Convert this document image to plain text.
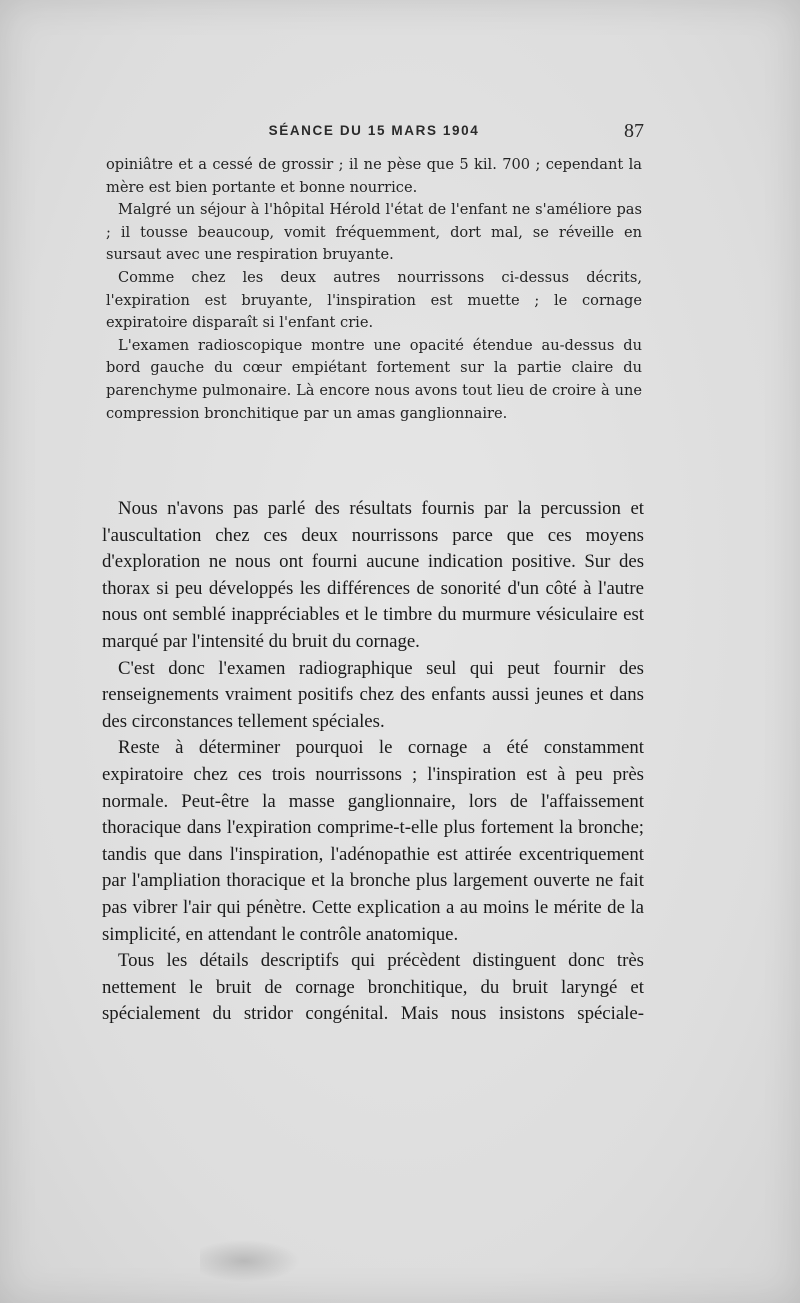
SÉANCE DU 15 MARS 1904	87

opiniâtre et a cessé de grossir ; il ne pèse que 5 kil. 700 ; cependant la mère est bien portante et bonne nourrice.

Malgré un séjour à l'hôpital Hérold l'état de l'enfant ne s'améliore pas ; il tousse beaucoup, vomit fréquemment, dort mal, se réveille en sursaut avec une respiration bruyante.

Comme chez les deux autres nourrissons ci-dessus décrits, l'expiration est bruyante, l'inspiration est muette ; le cornage expiratoire disparaît si l'enfant crie.

L'examen radioscopique montre une opacité étendue au-dessus du bord gauche du cœur empiétant fortement sur la partie claire du parenchyme pulmonaire. Là encore nous avons tout lieu de croire à une compression bronchitique par un amas ganglionnaire.

Nous n'avons pas parlé des résultats fournis par la percussion et l'auscultation chez ces deux nourrissons parce que ces moyens d'exploration ne nous ont fourni aucune indication positive. Sur des thorax si peu développés les différences de sonorité d'un côté à l'autre nous ont semblé inappréciables et le timbre du murmure vésiculaire est marqué par l'intensité du bruit du cornage.

C'est donc l'examen radiographique seul qui peut fournir des renseignements vraiment positifs chez des enfants aussi jeunes et dans des circonstances tellement spéciales.

Reste à déterminer pourquoi le cornage a été constamment expiratoire chez ces trois nourrissons ; l'inspiration est à peu près normale. Peut-être la masse ganglionnaire, lors de l'affaissement thoracique dans l'expiration comprime-t-elle plus fortement la bronche; tandis que dans l'inspiration, l'adénopathie est attirée excentriquement par l'ampliation thoracique et la bronche plus largement ouverte ne fait pas vibrer l'air qui pénètre. Cette explication a au moins le mérite de la simplicité, en attendant le contrôle anatomique.

Tous les détails descriptifs qui précèdent distinguent donc très nettement le bruit de cornage bronchitique, du bruit laryngé et spécialement du stridor congénital. Mais nous insistons spéciale-
